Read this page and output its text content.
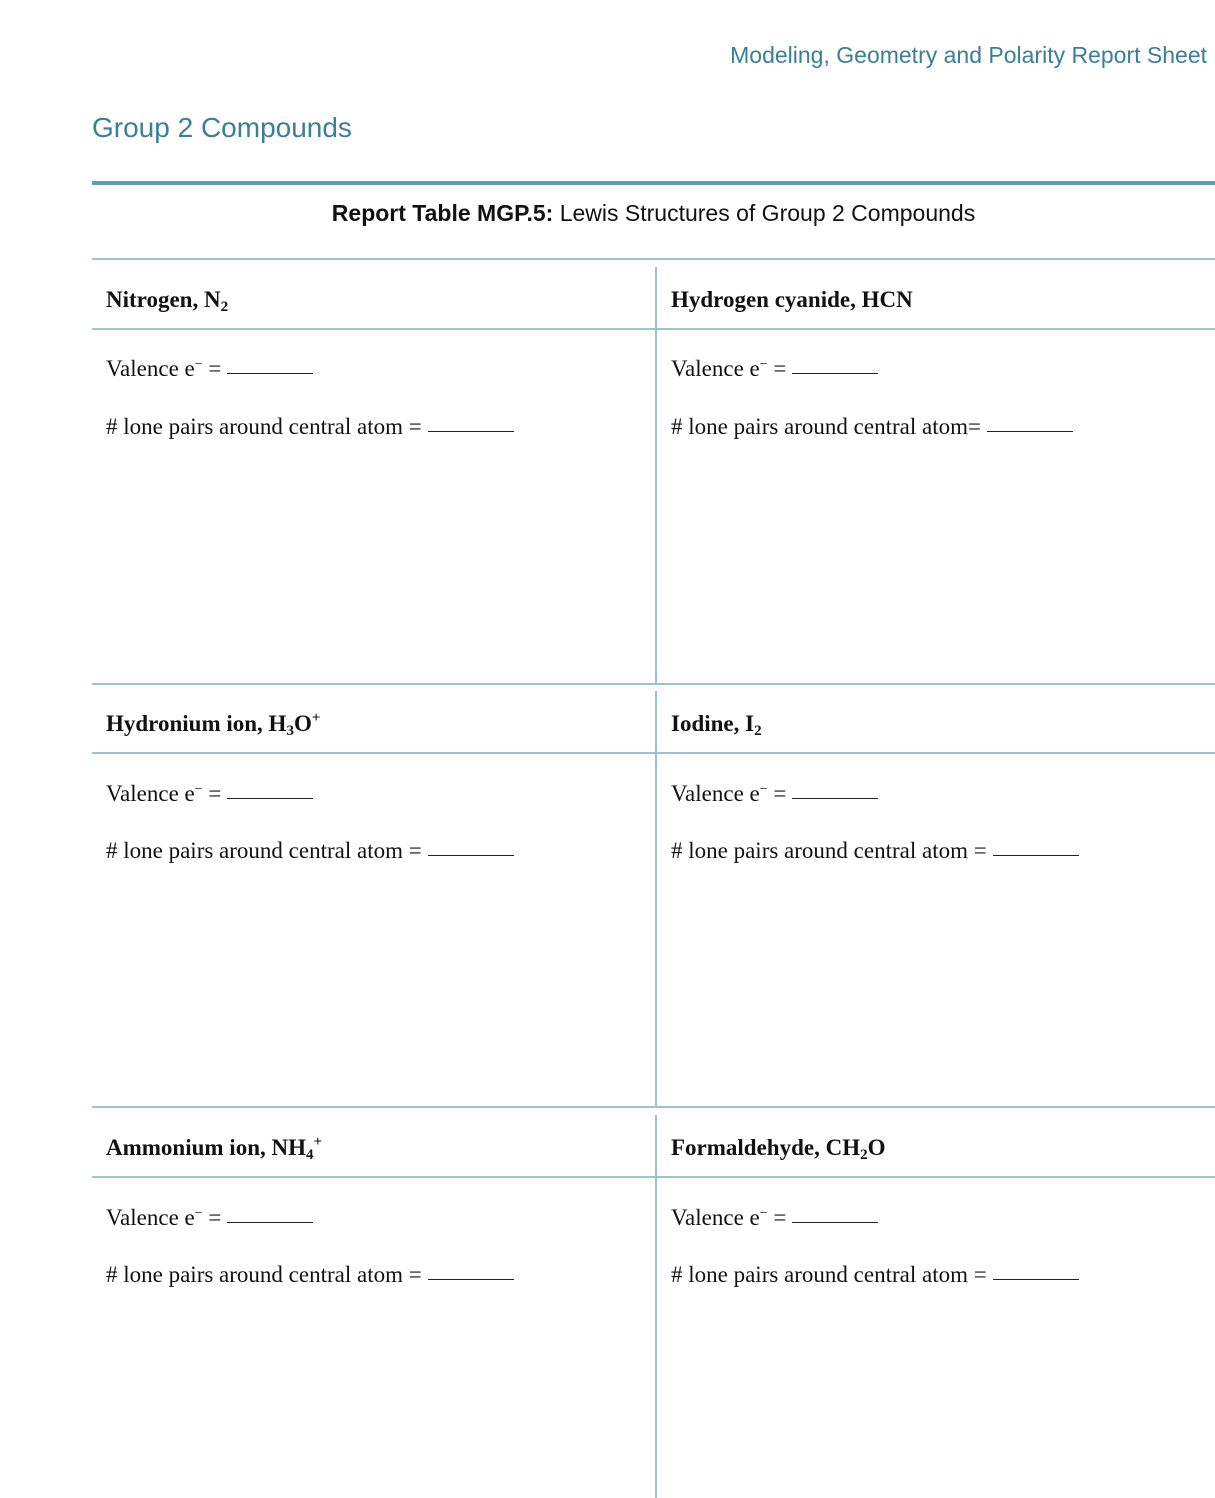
Modeling, Geometry and Polarity Report Sheet
Group 2 Compounds
Report Table MGP.5: Lewis Structures of Group 2 Compounds
Nitrogen, $N_2$	Hydrogen cyanide, HCN
Valence e− =	Valence e− =
# lone pairs around central atom =	# lone pairs around central atom=
Hydronium ion, $H_3O^+$	Iodine, $I_2$
Valence e− =	Valence e− =
# lone pairs around central atom =	# lone pairs around central atom =
Ammonium ion, $NH_4^+$	Formaldehyde, $CH_2O$
Valence e− =	Valence e− =
# lone pairs around central atom =	# lone pairs around central atom =
